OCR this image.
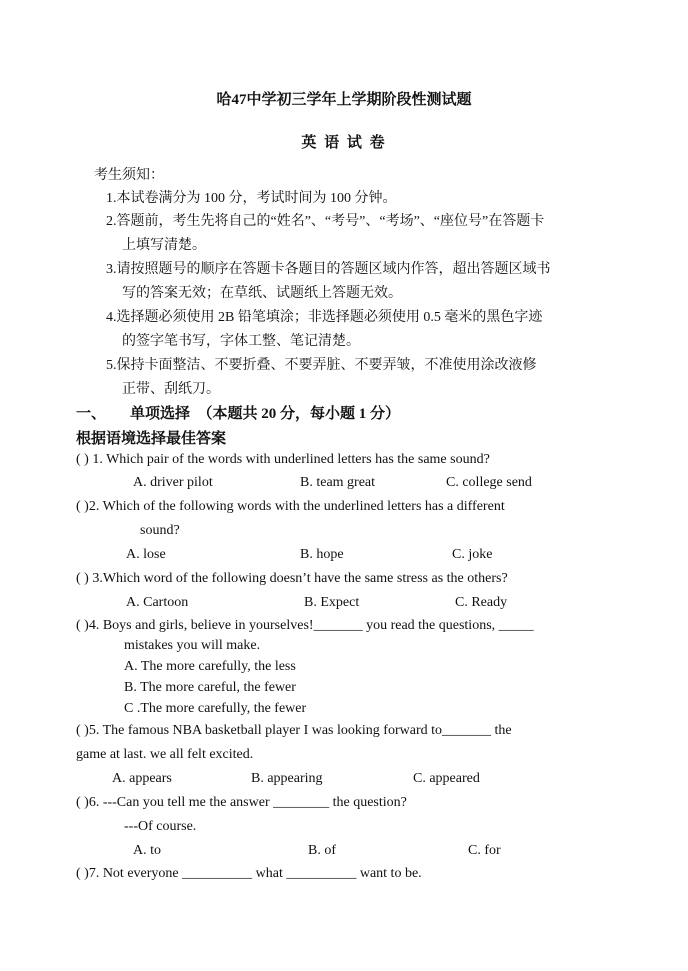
哈47中学初三学年上学期阶段性测试题
英 语 试 卷
考生须知：
1.本试卷满分为 100 分，考试时间为 100 分钟。
2.答题前，考生先将自己的“姓名”、“考号”、“考场”、“座位号”在答题卡
上填写清楚。
3.请按照题号的顺序在答题卡各题目的答题区域内作答，超出答题区域书
写的答案无效；在草纸、试题纸上答题无效。
4.选择题必须使用 2B 铅笔填涂；非选择题必须使用 0.5 毫米的黑色字迹
的签字笔书写，字体工整、笔记清楚。
5.保持卡面整洁、不要折叠、不要弄脏、不要弄皱，不准使用涂改液修
正带、刮纸刀。
一、 单项选择　（本题共 20 分，每小题 1 分）
根据语境选择最佳答案
( ) 1. Which pair of the words with underlined letters has the same sound?
A. driver pilot	B. team great	C. college send
( )2. Which of the following words with the underlined letters has a different
sound?
A. lose	B. hope	C. joke
( ) 3.Which word of the following doesn’t have the same stress as the others?
A. Cartoon	B. Expect	C. Ready
( )4. Boys and girls, believe in yourselves!_______ you read the questions, _____
mistakes you will make.
A. The more carefully, the less
B. The more careful, the fewer
C .The more carefully, the fewer
( )5. The famous NBA basketball player I was looking forward to_______ the
game at last. we all felt excited.
A. appears	B. appearing	C. appeared
( )6. ---Can you tell me the answer ________ the question?
---Of course.
A. to	B. of	C. for
( )7. Not everyone __________ what __________ want to be.
